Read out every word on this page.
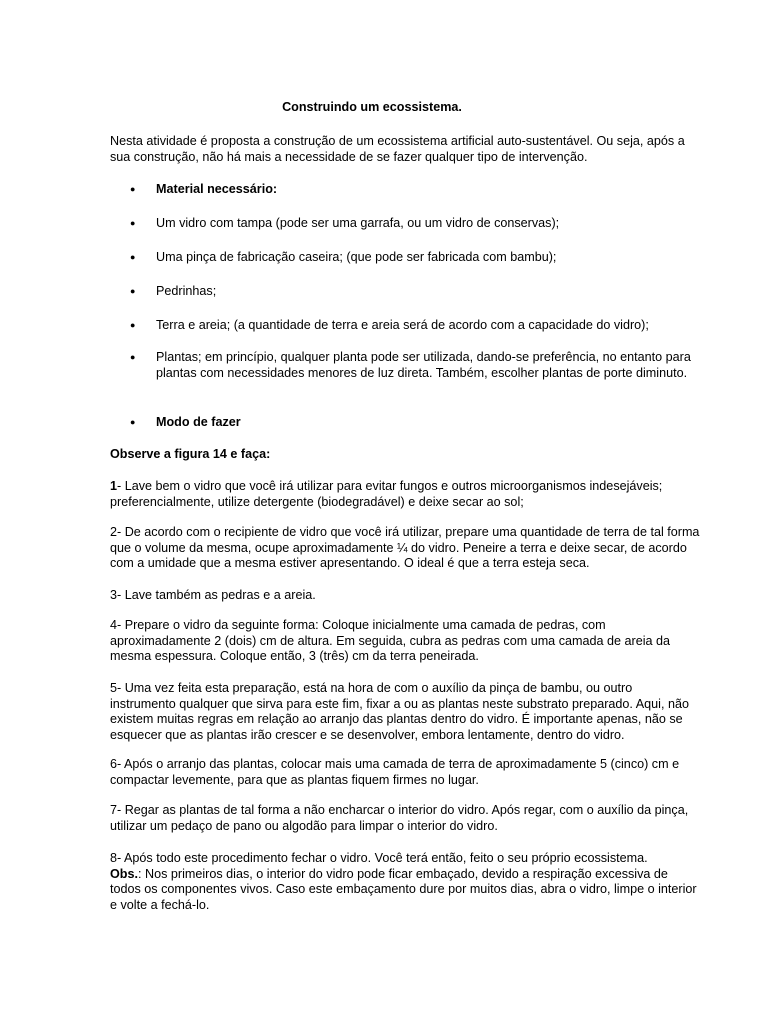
Construindo um ecossistema.

Nesta atividade é proposta a construção de um ecossistema artificial auto-sustentável. Ou seja, após a sua construção, não há mais a necessidade de se fazer qualquer tipo de intervenção.

● Material necessário:
● Um vidro com tampa (pode ser uma garrafa, ou um vidro de conservas);
● Uma pinça de fabricação caseira; (que pode ser fabricada com bambu);
● Pedrinhas;
● Terra e areia; (a quantidade de terra e areia será de acordo com a capacidade do vidro);
● Plantas; em princípio, qualquer planta pode ser utilizada, dando-se preferência, no entanto para plantas com necessidades menores de luz direta. Também, escolher plantas de porte diminuto.
● Modo de fazer

Observe a figura 14 e faça:

1- Lave bem o vidro que você irá utilizar para evitar fungos e outros microorganismos indesejáveis; preferencialmente, utilize detergente (biodegradável) e deixe secar ao sol;

2- De acordo com o recipiente de vidro que você irá utilizar, prepare uma quantidade de terra de tal forma que o volume da mesma, ocupe aproximadamente ¼ do vidro. Peneire a terra e deixe secar, de acordo com a umidade que a mesma estiver apresentando. O ideal é que a terra esteja seca.

3- Lave também as pedras e a areia.

4- Prepare o vidro da seguinte forma: Coloque inicialmente uma camada de pedras, com aproximadamente 2 (dois) cm de altura. Em seguida, cubra as pedras com uma camada de areia da mesma espessura. Coloque então, 3 (três) cm da terra peneirada.

5- Uma vez feita esta preparação, está na hora de com o auxílio da pinça de bambu, ou outro instrumento qualquer que sirva para este fim, fixar a ou as plantas neste substrato preparado. Aqui, não existem muitas regras em relação ao arranjo das plantas dentro do vidro. É importante apenas, não se esquecer que as plantas irão crescer e se desenvolver, embora lentamente, dentro do vidro.

6- Após o arranjo das plantas, colocar mais uma camada de terra de aproximadamente 5 (cinco) cm e compactar levemente, para que as plantas fiquem firmes no lugar.

7- Regar as plantas de tal forma a não encharcar o interior do vidro. Após regar, com o auxílio da pinça, utilizar um pedaço de pano ou algodão para limpar o interior do vidro.

8- Após todo este procedimento fechar o vidro. Você terá então, feito o seu próprio ecossistema.
Obs.: Nos primeiros dias, o interior do vidro pode ficar embaçado, devido a respiração excessiva de todos os componentes vivos. Caso este embaçamento dure por muitos dias, abra o vidro, limpe o interior e volte a fechá-lo.
